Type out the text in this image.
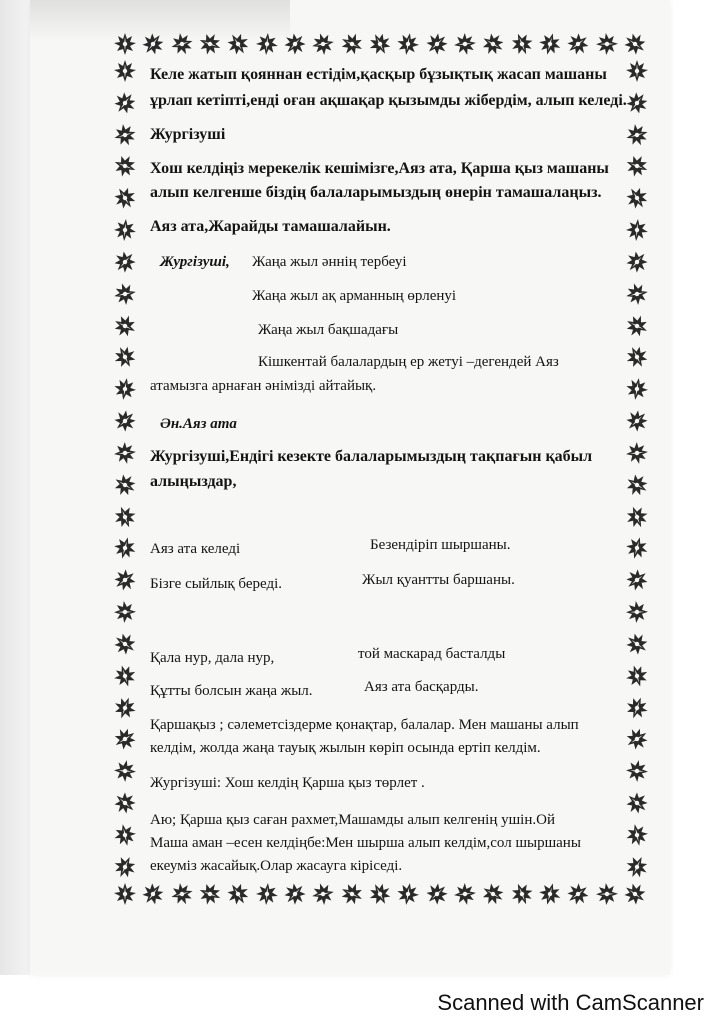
Келе жатып қояннан естідім,қасқыр бұзықтық жасап машаны

ұрлап кетіпті,енді оған ақшақар қызымды жібердім, алып келеді.

Жургізуші

Хош келдіңіз мерекелік кешімізге,Аяз ата, Қарша қыз машаны

алып келгенше біздің балаларымыздың өнерін тамашалаңыз.

Аяз ата,Жарайды тамашалайын.

Жургізуші, Жаңа жыл әннің тербеуі

Жаңа жыл ақ арманның өрленуі

Жаңа жыл бақшадағы

Кішкентай балалардың ер жетуі –дегендей Аяз

атамызга арнаған әнімізді айтайық.

Ән.Аяз ата

Жургізуші,Ендігі кезекте балаларымыздың тақпағын қабыл

алыңыздар,

Аяз ата келеді	Безендіріп шыршаны.

Бізге сыйлық береді.	Жыл қуантты баршаны.

Қала нур, дала нур,	той маскарад басталды

Құтты болсын жаңа жыл.	Аяз ата басқарды.

Қаршақыз ; сәлеметсіздерме қонақтар, балалар. Мен машаны алып

келдім, жолда жаңа тауық жылын көріп осында ертіп келдім.

Жургізуші: Хош келдің Қарша қыз төрлет .

Аю; Қарша қыз саған рахмет,Машамды алып келгенің ушін.Ой

Маша аман –есен келдіңбе:Мен шырша алып келдім,сол шыршаны

екеуміз жасайық.Олар жасауга кіріседі.

Scanned with CamScanner
